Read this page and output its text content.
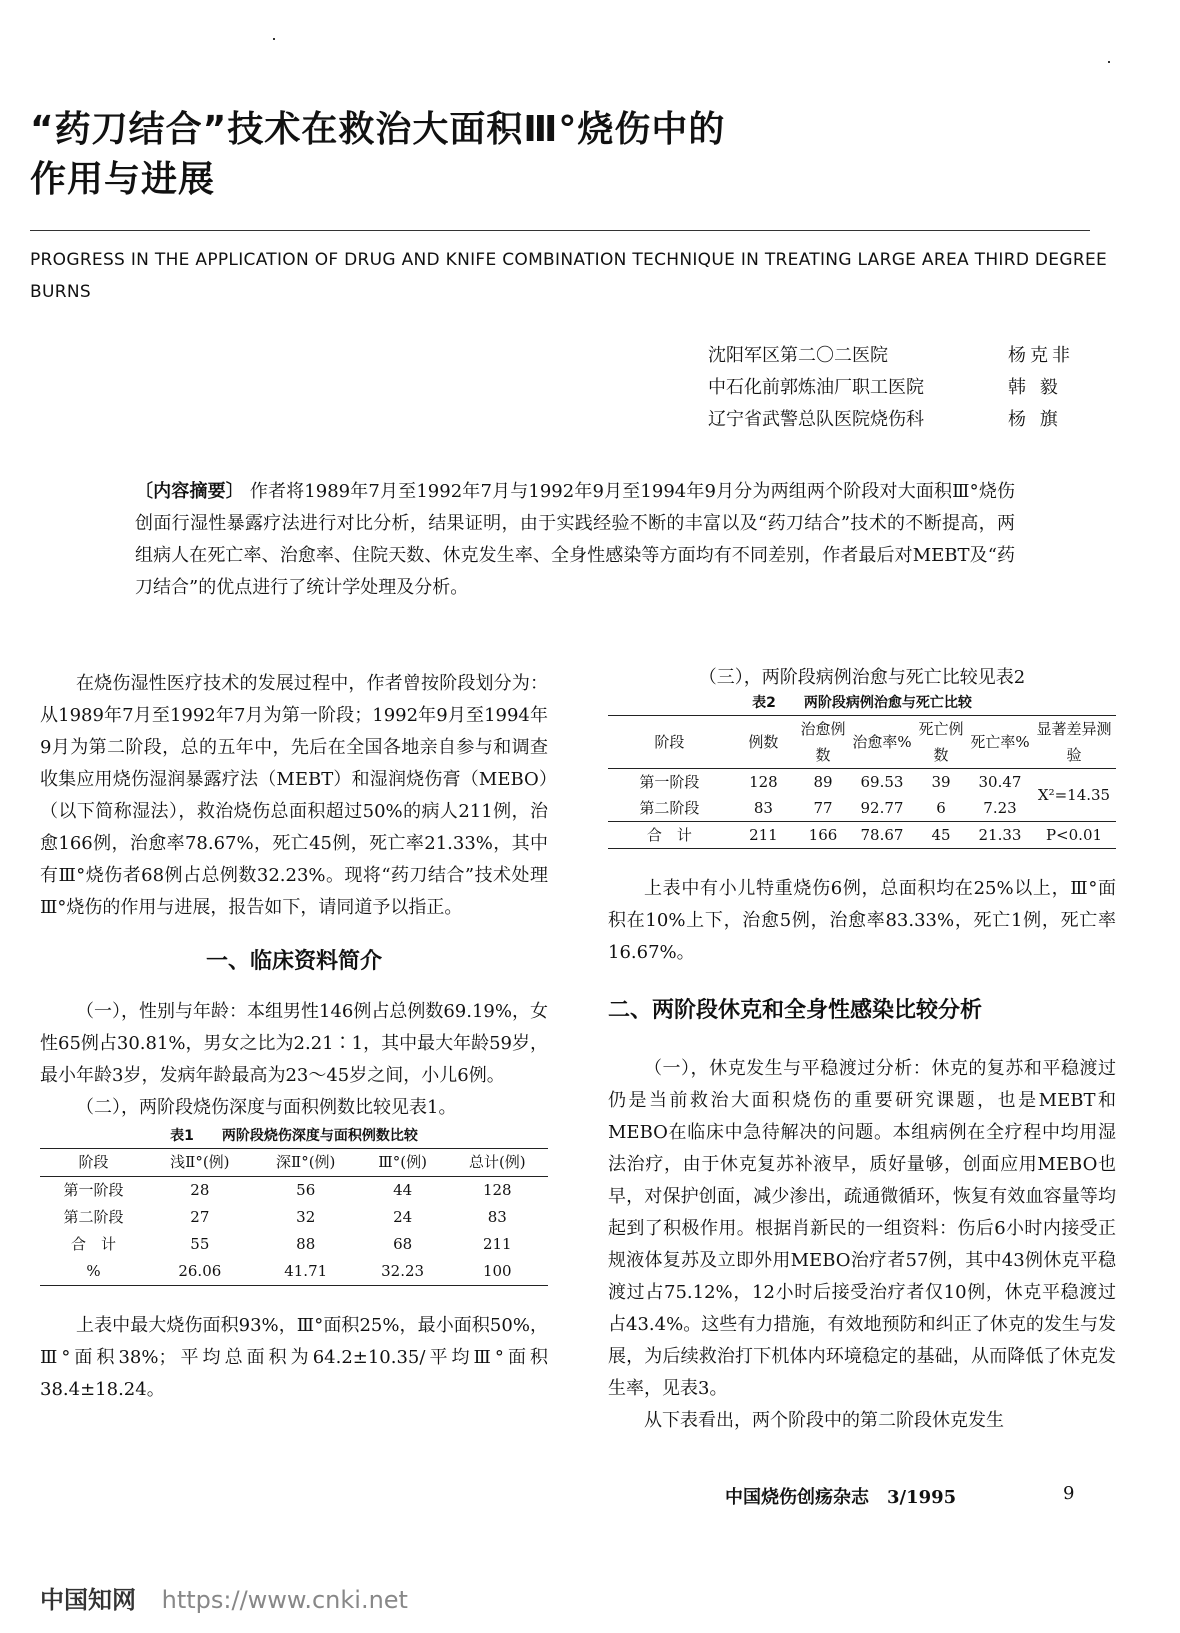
“药刀结合”技术在救治大面积Ⅲ°烧伤中的
作用与进展
PROGRESS IN THE APPLICATION OF DRUG AND KNIFE COMBINATION TECHNIQUE IN TREATING LARGE AREA THIRD DEGREE BURNS
沈阳军区第二〇二医院	杨克非
中石化前郭炼油厂职工医院	韩 毅
辽宁省武警总队医院烧伤科	杨 旗
〔内容摘要〕 作者将1989年7月至1992年7月与1992年9月至1994年9月分为两组两个阶段对大面积Ⅲ°烧伤创面行湿性暴露疗法进行对比分析，结果证明，由于实践经验不断的丰富以及“药刀结合”技术的不断提高，两组病人在死亡率、治愈率、住院天数、休克发生率、全身性感染等方面均有不同差别，作者最后对MEBT及“药刀结合”的优点进行了统计学处理及分析。

在烧伤湿性医疗技术的发展过程中，作者曾按阶段划分为：从1989年7月至1992年7月为第一阶段；1992年9月至1994年9月为第二阶段，总的五年中，先后在全国各地亲自参与和调查收集应用烧伤湿润暴露疗法（MEBT）和湿润烧伤膏（MEBO）（以下简称湿法），救治烧伤总面积超过50%的病人211例，治愈166例，治愈率78.67%，死亡45例，死亡率21.33%，其中有Ⅲ°烧伤者68例占总例数32.23%。现将“药刀结合”技术处理Ⅲ°烧伤的作用与进展，报告如下，请同道予以指正。

一、临床资料简介

（一），性别与年龄：本组男性146例占总例数69.19%，女性65例占30.81%，男女之比为2.21∶1，其中最大年龄59岁，最小年龄3岁，发病年龄最高为23～45岁之间，小儿6例。

（二），两阶段烧伤深度与面积例数比较见表1。

表1　　 两阶段烧伤深度与面积例数比较
阶段	浅Ⅱ°(例)	深Ⅱ°(例)	Ⅲ°(例)	总计(例)
第一阶段	28	56	44	128
第二阶段	27	32	24	83
合　计	55	88	68	211
%	26.06	41.71	32.23	100

上表中最大烧伤面积93%，Ⅲ°面积25%，最小面积50%，Ⅲ°面积38%；平均总面积为64.2±10.35/平均Ⅲ°面积38.4±18.24。

（三），两阶段病例治愈与死亡比较见表2
表2　　 两阶段病例治愈与死亡比较
阶段	例数	治愈例数	治愈率%	死亡例数	死亡率%	显著差异测验
第一阶段	128	89	69.53	39	30.47	X²=14.35
第二阶段	83	77	92.77	6	7.23	
合　计	211	166	78.67	45	21.33	P<0.01

上表中有小儿特重烧伤6例，总面积均在25%以上，Ⅲ°面积在10%上下，治愈5例，治愈率83.33%，死亡1例，死亡率16.67%。

二、两阶段休克和全身性感染比较分析

（一），休克发生与平稳渡过分析：休克的复苏和平稳渡过仍是当前救治大面积烧伤的重要研究课题，也是MEBT和MEBO在临床中急待解决的问题。本组病例在全疗程中均用湿法治疗，由于休克复苏补液早，质好量够，创面应用MEBO也早，对保护创面，减少渗出，疏通微循环，恢复有效血容量等均起到了积极作用。根据肖新民的一组资料：伤后6小时内接受正规液体复苏及立即外用MEBO治疗者57例，其中43例休克平稳渡过占75.12%，12小时后接受治疗者仅10例，休克平稳渡过占43.4%。这些有力措施，有效地预防和纠正了休克的发生与发展，为后续救治打下机体内环境稳定的基础，从而降低了休克发生率，见表3。

从下表看出，两个阶段中的第二阶段休克发生

中国烧伤创疡杂志　3/1995	9
中国知网 https://www.cnki.net
